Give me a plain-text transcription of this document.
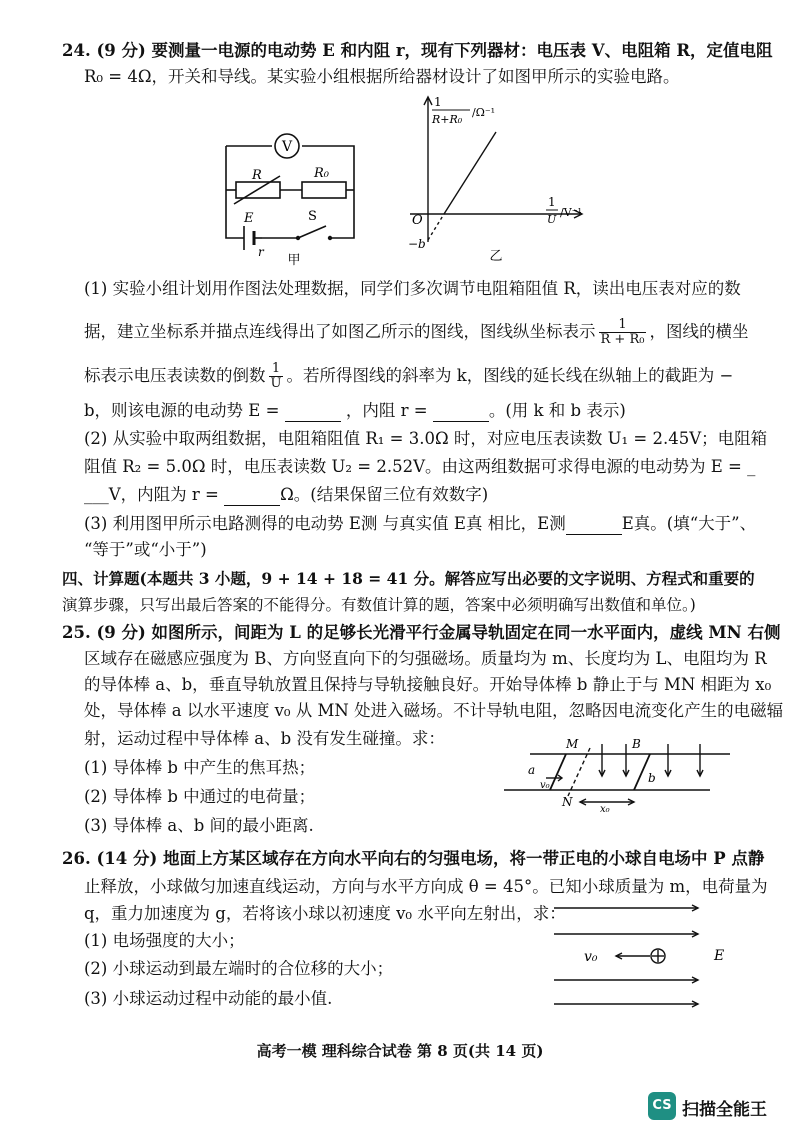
24. (9 分) 要测量一电源的电动势 E 和内阻 r，现有下列器材：电压表 V、电阻箱 R，定值电阻
R₀ = 4Ω，开关和导线。某实验小组根据所给器材设计了如图甲所示的实验电路。
V
R	R₀
E
r
S
甲
1
R+R₀
/Ω⁻¹
O
−b
1
U
/V⁻¹
乙
(1) 实验小组计划用作图法处理数据，同学们多次调节电阻箱阻值 R，读出电压表对应的数
据，建立坐标系并描点连线得出了如图乙所示的图线，图线纵坐标表示 $\frac{1}{\text{R + R₀}}$ ，图线的横坐
标表示电压表读数的倒数 $\frac{1}{U}$ 。若所得图线的斜率为 k，图线的延长线在纵轴上的截距为 −
b，则该电源的电动势 E =	，内阻 r =	。(用 k 和 b 表示)
(2) 从实验中取两组数据，电阻箱阻值 R₁ = 3.0Ω 时，对应电压表读数 U₁ = 2.45V；电阻箱
阻值 R₂ = 5.0Ω 时，电压表读数 U₂ = 2.52V。由这两组数据可求得电源的电动势为 E = _
___V，内阻为 r =	Ω。(结果保留三位有效数字)
(3) 利用图甲所示电路测得的电动势 E测 与真实值 E真 相比，E测	E真。(填“大于”、
“等于”或“小于”)
四、计算题(本题共 3 小题，9 + 14 + 18 = 41 分。解答应写出必要的文字说明、方程式和重要的
演算步骤，只写出最后答案的不能得分。有数值计算的题，答案中必须明确写出数值和单位。)
25. (9 分) 如图所示，间距为 L 的足够长光滑平行金属导轨固定在同一水平面内，虚线 MN 右侧
区域存在磁感应强度为 B、方向竖直向下的匀强磁场。质量均为 m、长度均为 L、电阻均为 R
的导体棒 a、b，垂直导轨放置且保持与导轨接触良好。开始导体棒 b 静止于与 MN 相距为 x₀
处，导体棒 a 以水平速度 v₀ 从 MN 处进入磁场。不计导轨电阻，忽略因电流变化产生的电磁辐
射，运动过程中导体棒 a、b 没有发生碰撞。求：
(1) 导体棒 b 中产生的焦耳热；
(2) 导体棒 b 中通过的电荷量；
(3) 导体棒 a、b 间的最小距离.
M	B
a
v₀
b
N
x₀
26. (14 分) 地面上方某区域存在方向水平向右的匀强电场，将一带正电的小球自电场中 P 点静
止释放，小球做匀加速直线运动，方向与水平方向成 θ = 45°。已知小球质量为 m，电荷量为
q，重力加速度为 g，若将该小球以初速度 v₀ 水平向左射出，求：
(1) 电场强度的大小；
(2) 小球运动到最左端时的合位移的大小；
(3) 小球运动过程中动能的最小值.
v₀	E
高考一模 理科综合试卷 第 8 页(共 14 页)
CS 扫描全能王
